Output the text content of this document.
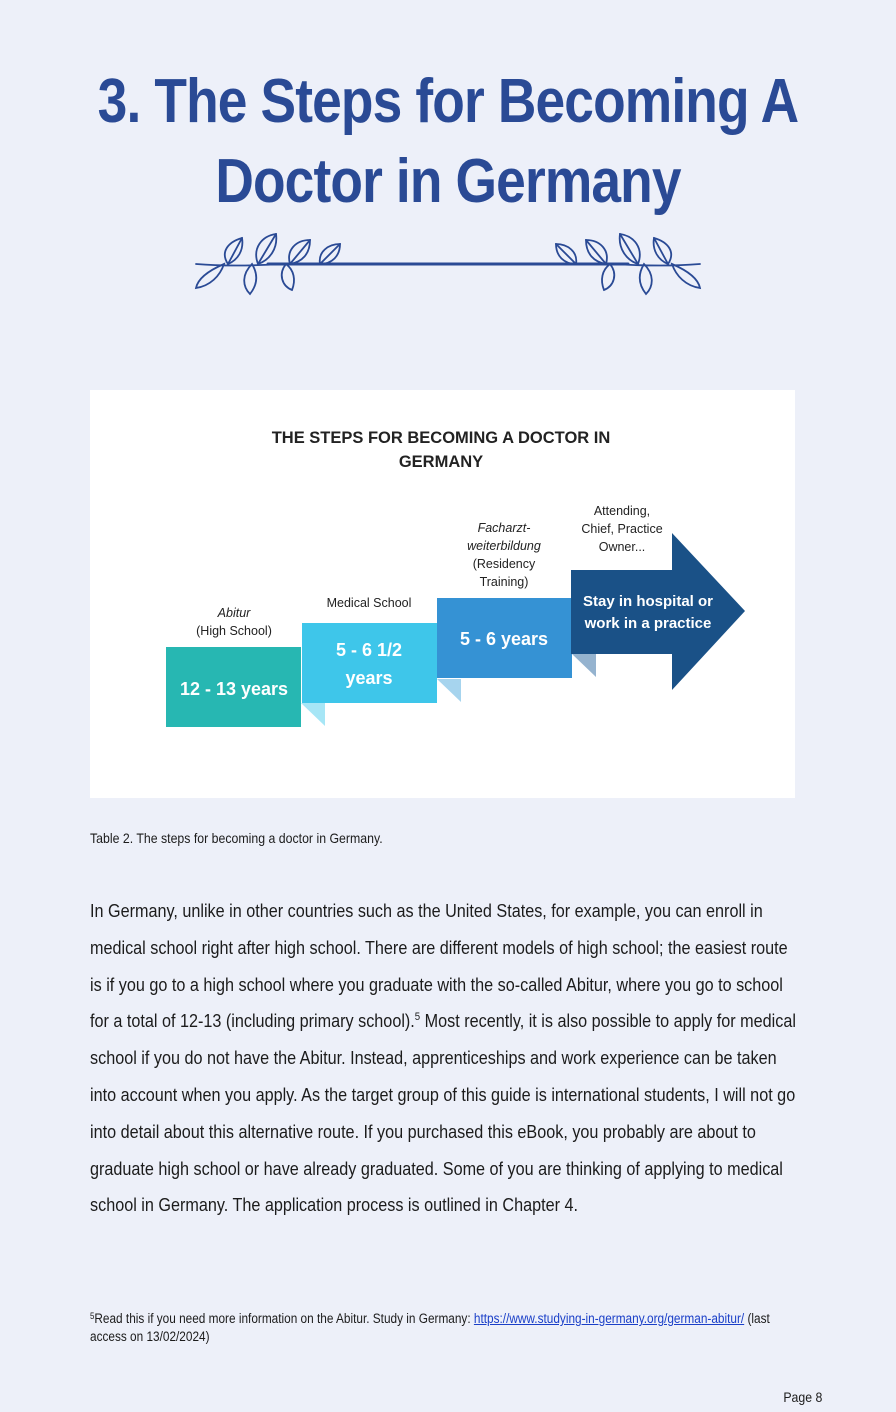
3. The Steps for Becoming A
Doctor in Germany
THE STEPS FOR BECOMING A DOCTOR IN
GERMANY
Abitur
(High School)
12 - 13 years
Medical School
5 - 6 1/2
years
Facharzt-
weiterbildung
(Residency
Training)
5 - 6 years
Attending,
Chief, Practice
Owner...
Stay in hospital or
work in a practice
Table 2. The steps for becoming a doctor in Germany.

In Germany, unlike in other countries such as the United States, for example, you can enroll in medical school right after high school. There are different models of high school; the easiest route is if you go to a high school where you graduate with the so-called Abitur, where you go to school for a total of 12-13 (including primary school).$^5$ Most recently, it is also possible to apply for medical school if you do not have the Abitur. Instead, apprenticeships and work experience can be taken into account when you apply. As the target group of this guide is international students, I will not go into detail about this alternative route. If you purchased this eBook, you probably are about to graduate high school or have already graduated. Some of you are thinking of applying to medical school in Germany. The application process is outlined in Chapter 4.

$^5$Read this if you need more information on the Abitur. Study in Germany: https://www.studying-in-germany.org/german-abitur/ (last access on 13/02/2024)
Page 8
